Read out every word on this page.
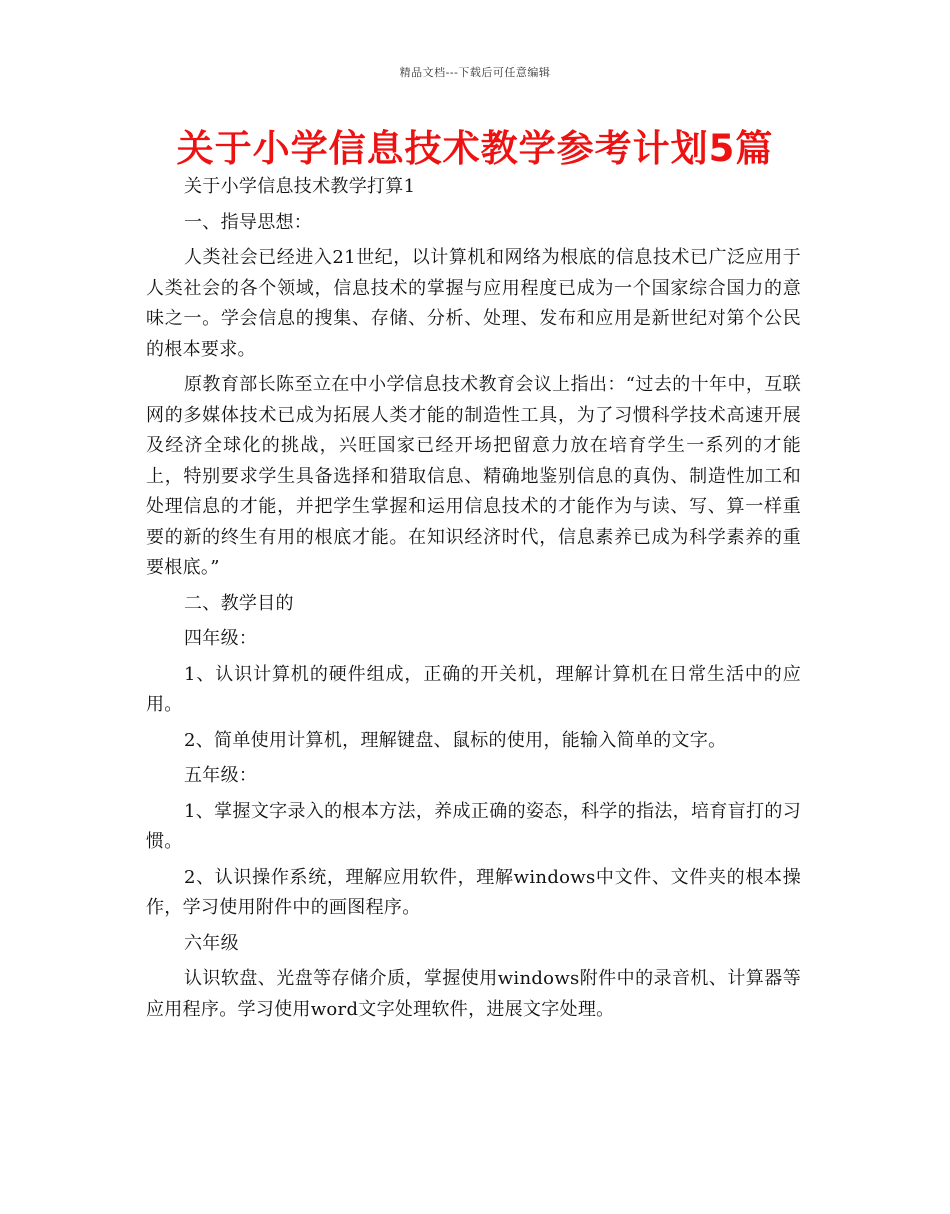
精品文档---下载后可任意编辑
关于小学信息技术教学参考计划5篇

关于小学信息技术教学打算1

一、指导思想：

人类社会已经进入21世纪，以计算机和网络为根底的信息技术已广泛应用于人类社会的各个领域，信息技术的掌握与应用程度已成为一个国家综合国力的意味之一。学会信息的搜集、存储、分析、处理、发布和应用是新世纪对第个公民的根本要求。

原教育部长陈至立在中小学信息技术教育会议上指出：“过去的十年中，互联网的多媒体技术已成为拓展人类才能的制造性工具，为了习惯科学技术高速开展及经济全球化的挑战，兴旺国家已经开场把留意力放在培育学生一系列的才能上，特别要求学生具备选择和猎取信息、精确地鉴别信息的真伪、制造性加工和处理信息的才能，并把学生掌握和运用信息技术的才能作为与读、写、算一样重要的新的终生有用的根底才能。在知识经济时代，信息素养已成为科学素养的重要根底。”

二、教学目的

四年级：

1、认识计算机的硬件组成，正确的开关机，理解计算机在日常生活中的应用。

2、简单使用计算机，理解键盘、鼠标的使用，能输入简单的文字。

五年级：

1、掌握文字录入的根本方法，养成正确的姿态，科学的指法，培育盲打的习惯。

2、认识操作系统，理解应用软件，理解windows中文件、文件夹的根本操作，学习使用附件中的画图程序。

六年级

认识软盘、光盘等存储介质，掌握使用windows附件中的录音机、计算器等应用程序。学习使用word文字处理软件，进展文字处理。
